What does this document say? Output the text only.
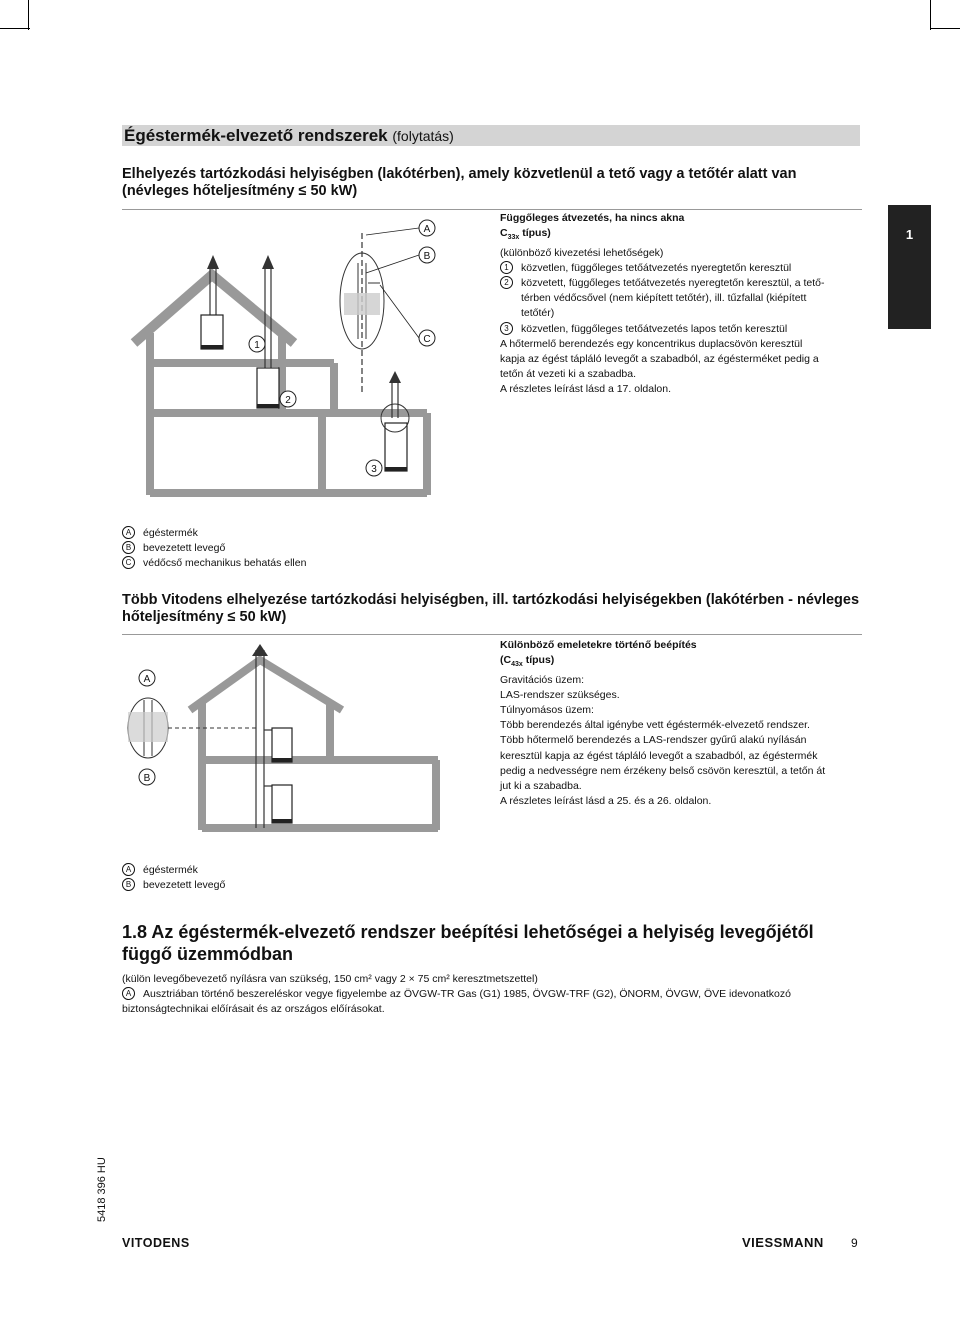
Égéstermék-elvezető rendszerek (folytatás)
Elhelyezés tartózkodási helyiségben (lakótérben), amely közvetlenül a tető vagy a tetőtér alatt van (névleges hőteljesítmény ≤ 50 kW)
A
B
C
1
2
3
Függőleges átvezetés, ha nincs akna
$C_{33x}$ típus)
(különböző kivezetési lehetőségek)
1 közvetlen, függőleges tetőátvezetés nyeregtetőn keresztül
2 közvetett, függőleges tetőátvezetés nyeregtetőn keresztül, a tető-
térben védőcsővel (nem kiépített tetőtér), ill. tűzfallal (kiépített
tetőtér)
3 közvetlen, függőleges tetőátvezetés lapos tetőn keresztül
A hőtermelő berendezés egy koncentrikus duplacsövön keresztül
kapja az égést tápláló levegőt a szabadból, az égésterméket pedig a
tetőn át vezeti ki a szabadba.
A részletes leírást lásd a 17. oldalon.
A égéstermék
B bevezetett levegő
C védőcső mechanikus behatás ellen
Több Vitodens elhelyezése tartózkodási helyiségben, ill. tartózkodási helyiségekben (lakótérben - névleges hőteljesítmény ≤ 50 kW)
A
B
Különböző emeletekre történő beépítés
($C_{43x}$ típus)
Gravitációs üzem:
LAS-rendszer szükséges.
Túlnyomásos üzem:
Több berendezés által igénybe vett égéstermék-elvezető rendszer.
Több hőtermelő berendezés a LAS-rendszer gyűrű alakú nyílásán
keresztül kapja az égést tápláló levegőt a szabadból, az égéstermék
pedig a nedvességre nem érzékeny belső csövön keresztül, a tetőn át
jut ki a szabadba.
A részletes leírást lásd a 25. és a 26. oldalon.
A égéstermék
B bevezetett levegő
1.8 Az égéstermék-elvezető rendszer beépítési lehetőségei a helyiség levegőjétől függő üzemmódban
(külön levegőbevezető nyílásra van szükség, 150 cm² vagy 2 × 75 cm² keresztmetszettel)
A Ausztriában történő beszereléskor vegye figyelembe az ÖVGW-TR Gas (G1) 1985, ÖVGW-TRF (G2), ÖNORM, ÖVGW, ÖVE idevonatkozó
biztonságtechnikai előírásait és az országos előírásokat.
1
5418 396 HU
VITODENS	VIESSMANN 9
